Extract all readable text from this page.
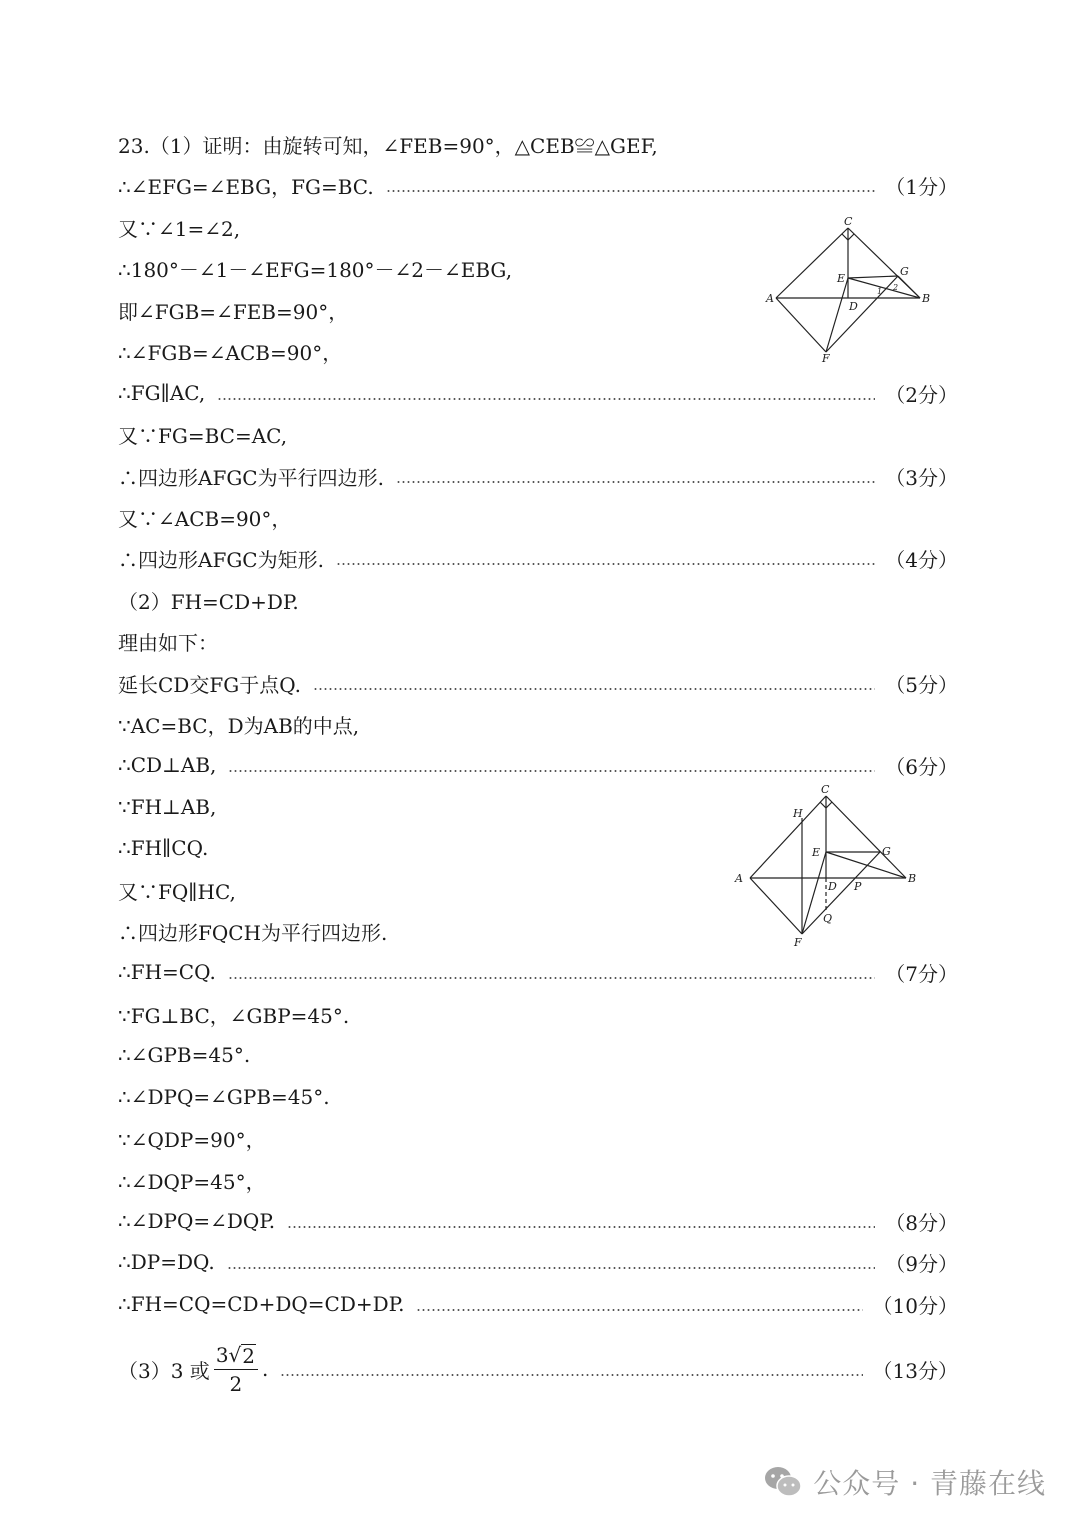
23.（1）证明：由旋转可知，∠FEB=90°，△CEB≌△GEF,
∴∠EFG=∠EBG，FG=BC.	（1分）
又∵∠1=∠2,
∴180°－∠1－∠EFG=180°－∠2－∠EBG,
即∠FGB=∠FEB=90°，
∴∠FGB=∠ACB=90°，
∴FG∥AC,	（2分）
又∵FG=BC=AC,
∴四边形AFGC为平行四边形.	（3分）
又∵∠ACB=90°，
∴四边形AFGC为矩形.	（4分）
（2）FH=CD+DP.
理由如下：
延长CD交FG于点Q.	（5分）
∵AC=BC，D为AB的中点,
∴CD⊥AB,	（6分）
∵FH⊥AB,
∴FH∥CQ.
又∵FQ∥HC,
∴四边形FQCH为平行四边形.
∴FH=CQ.	（7分）
∵FG⊥BC，∠GBP=45°.
∴∠GPB=45°.
∴∠DPQ=∠GPB=45°.
∵∠QDP=90°，
∴∠DQP=45°，
∴∠DPQ=∠DQP.	（8分）
∴DP=DQ.	（9分）
∴FH=CQ=CD+DQ=CD+DP.	（10分）
（3）3 或 $\frac{3√ 2}{2}$ .	（13分）
C
E
G
A
D
B
F
1 2
C
H
E	G
A
D P
B
Q
F
公众号 · 青藤在线
